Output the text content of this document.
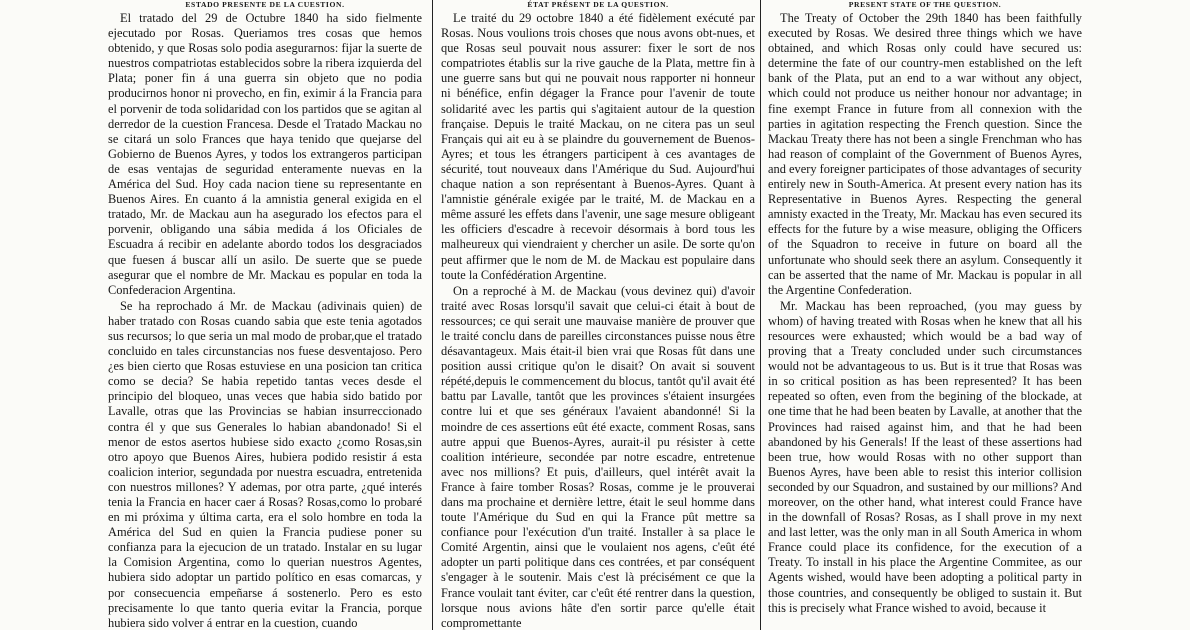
ESTADO PRESENTE DE LA CUESTION.

El tratado del 29 de Octubre 1840 ha sido fielmente ejecutado por Rosas. Queriamos tres cosas que hemos obtenido, y que Rosas solo podia asegurarnos: fijar la suerte de nuestros compatriotas establecidos sobre la ribera izquierda del Plata; poner fin á una guerra sin objeto que no podia producirnos honor ni provecho, en fin, eximir á la Francia para el porvenir de toda solidaridad con los partidos que se agitan al derredor de la cuestion Francesa. Desde el Tratado Mackau no se citará un solo Frances que haya tenido que quejarse del Gobierno de Buenos Ayres, y todos los extrangeros participan de esas ventajas de seguridad enteramente nuevas en la América del Sud. Hoy cada nacion tiene su representante en Buenos Aires. En cuanto á la amnistia general exigida en el tratado, Mr. de Mackau aun ha asegurado los efectos para el porvenir, obligando una sábia medida á los Oficiales de Escuadra á recibir en adelante abordo todos los desgraciados que fuesen á buscar allí un asilo. De suerte que se puede asegurar que el nombre de Mr. Mackau es popular en toda la Confederacion Argentina.

Se ha reprochado á Mr. de Mackau (adivinais quien) de haber tratado con Rosas cuando sabia que este tenia agotados sus recursos; lo que seria un mal modo de probar,que el tratado concluido en tales circunstancias nos fuese desventajoso. Pero ¿es bien cierto que Rosas estuviese en una posicion tan critica como se decia? Se habia repetido tantas veces desde el principio del bloqueo, unas veces que habia sido batido por Lavalle, otras que las Provincias se habian insurreccionado contra él y que sus Generales lo habian abandonado! Si el menor de estos asertos hubiese sido exacto ¿como Rosas,sin otro apoyo que Buenos Aires, hubiera podido resistir á esta coalicion interior, segundada por nuestra escuadra, entretenida con nuestros millones? Y ademas, por otra parte, ¿qué interés tenia la Francia en hacer caer á Rosas? Rosas,como lo probaré en mi próxima y última carta, era el solo hombre en toda la América del Sud en quien la Francia pudiese poner su confianza para la ejecucion de un tratado. Instalar en su lugar la Comision Argentina, como lo querian nuestros Agentes, hubiera sido adoptar un partido político en esas comarcas, y por consecuencia empeñarse á sostenerlo. Pero es esto precisamente lo que tanto queria evitar la Francia, porque hubiera sido volver á entrar en la cuestion, cuando

ÉTAT PRÉSENT DE LA QUESTION.

Le traité du 29 octobre 1840 a été fidèlement exécuté par Rosas. Nous voulions trois choses que nous avons obt-nues, et que Rosas seul pouvait nous assurer: fixer le sort de nos compatriotes établis sur la rive gauche de la Plata, mettre fin à une guerre sans but qui ne pouvait nous rapporter ni honneur ni bénéfice, enfin dégager la France pour l'avenir de toute solidarité avec les partis qui s'agitaient autour de la question française. Depuis le traité Mackau, on ne citera pas un seul Français qui ait eu à se plaindre du gouvernement de Buenos-Ayres; et tous les étrangers participent à ces avantages de sécurité, tout nouveaux dans l'Amérique du Sud. Aujourd'hui chaque nation a son représentant à Buenos-Ayres. Quant à l'amnistie générale exigée par le traité, M. de Mackau en a même assuré les effets dans l'avenir, une sage mesure obligeant les officiers d'escadre à recevoir désormais à bord tous les malheureux qui viendraient y chercher un asile. De sorte qu'on peut affirmer que le nom de M. de Mackau est populaire dans toute la Confédération Argentine.

On a reproché à M. de Mackau (vous devinez qui) d'avoir traité avec Rosas lorsqu'il savait que celui-ci était à bout de ressources; ce qui serait une mauvaise manière de prouver que le traité conclu dans de pareilles circonstances puisse nous être désavantageux. Mais était-il bien vrai que Rosas fût dans une position aussi critique qu'on le disait? On avait si souvent répété,depuis le commencement du blocus, tantôt qu'il avait été battu par Lavalle, tantôt que les provinces s'étaient insurgées contre lui et que ses généraux l'avaient abandonné! Si la moindre de ces assertions eût été exacte, comment Rosas, sans autre appui que Buenos-Ayres, aurait-il pu résister à cette coalition intérieure, secondée par notre escadre, entretenue avec nos millions? Et puis, d'ailleurs, quel intérêt avait la France à faire tomber Rosas? Rosas, comme je le prouverai dans ma prochaine et dernière lettre, était le seul homme dans toute l'Amérique du Sud en qui la France pût mettre sa confiance pour l'exécution d'un traité. Installer à sa place le Comité Argentin, ainsi que le voulaient nos agens, c'eût été adopter un parti politique dans ces contrées, et par conséquent s'engager à le soutenir. Mais c'est là précisément ce que la France voulait tant éviter, car c'eût été rentrer dans la question, lorsque nous avions hâte d'en sortir parce qu'elle était compromettante

PRESENT STATE OF THE QUESTION.

The Treaty of October the 29th 1840 has been faithfully executed by Rosas. We desired three things which we have obtained, and which Rosas only could have secured us: determine the fate of our country-men established on the left bank of the Plata, put an end to a war without any object, which could not produce us neither honour nor advantage; in fine exempt France in future from all connexion with the parties in agitation respecting the French question. Since the Mackau Treaty there has not been a single Frenchman who has had reason of complaint of the Government of Buenos Ayres, and every foreigner participates of those advantages of security entirely new in South-America. At present every nation has its Representative in Buenos Ayres. Respecting the general amnisty exacted in the Treaty, Mr. Mackau has even secured its effects for the future by a wise measure, obliging the Officers of the Squadron to receive in future on board all the unfortunate who should seek there an asylum. Consequently it can be asserted that the name of Mr. Mackau is popular in all the Argentine Confederation.

Mr. Mackau has been reproached, (you may guess by whom) of having treated with Rosas when he knew that all his resources were exhausted; which would be a bad way of proving that a Treaty concluded under such circumstances would not be advantageous to us. But is it true that Rosas was in so critical position as has been represented? It has been repeated so often, even from the begining of the blockade, at one time that he had been beaten by Lavalle, at another that the Provinces had raised against him, and that he had been abandoned by his Generals! If the least of these assertions had been true, how would Rosas with no other support than Buenos Ayres, have been able to resist this interior collision seconded by our Squadron, and sustained by our millions? And moreover, on the other hand, what interest could France have in the downfall of Rosas? Rosas, as I shall prove in my next and last letter, was the only man in all South America in whom France could place its confidence, for the execution of a Treaty. To install in his place the Argentine Commitee, as our Agents wished, would have been adopting a political party in those countries, and consequently be obliged to sustain it. But this is precisely what France wished to avoid, because it
